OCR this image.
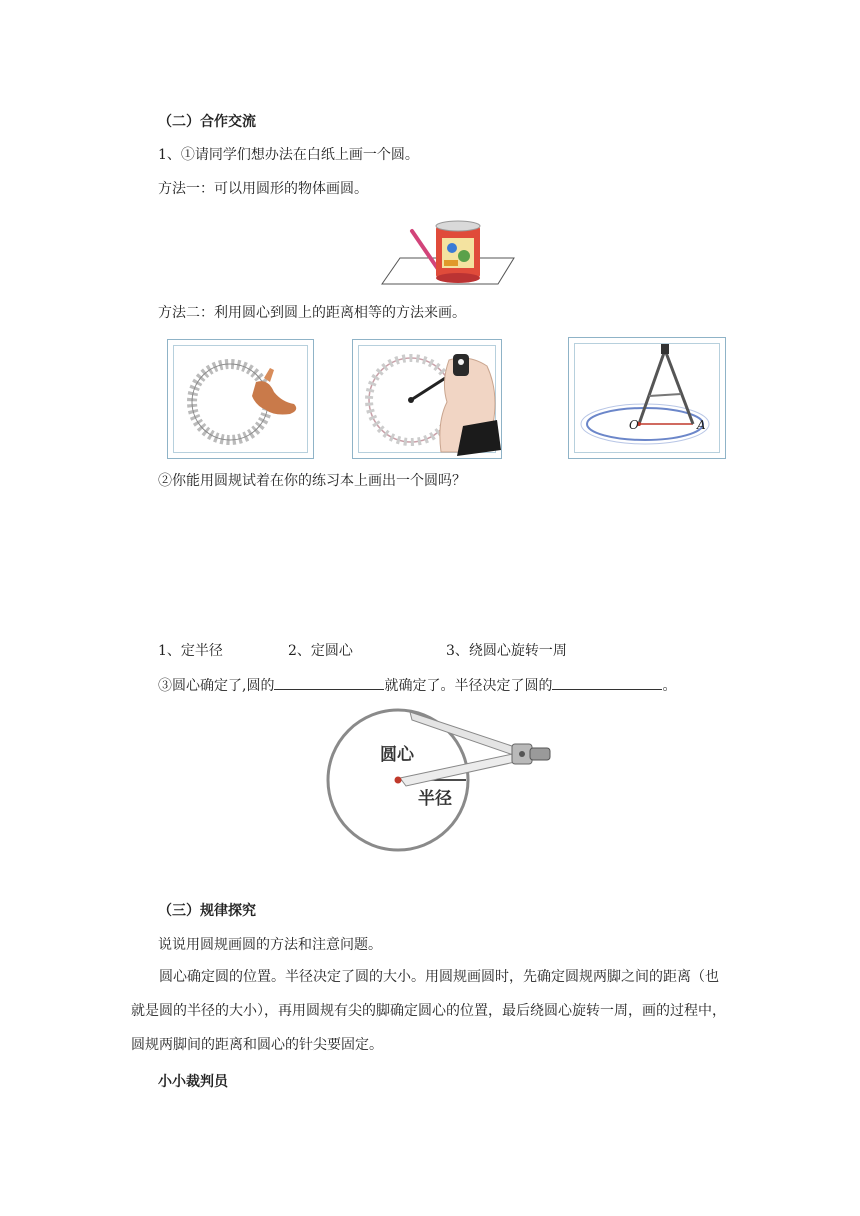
（二）合作交流
1、①请同学们想办法在白纸上画一个圆。
方法一：可以用圆形的物体画圆。
方法二：利用圆心到圆上的距离相等的方法来画。
O	A
②你能用圆规试着在你的练习本上画出一个圆吗？
1、定半径	2、定圆心	3、绕圆心旋转一周
③圆心确定了,圆的	就确定了。半径决定了圆的	。
圆心
半径
（三）规律探究
说说用圆规画圆的方法和注意问题。

圆心确定圆的位置。半径决定了圆的大小。用圆规画圆时，先确定圆规两脚之间的距离（也就是圆的半径的大小），再用圆规有尖的脚确定圆心的位置，最后绕圆心旋转一周，画的过程中，圆规两脚间的距离和圆心的针尖要固定。

小小裁判员
